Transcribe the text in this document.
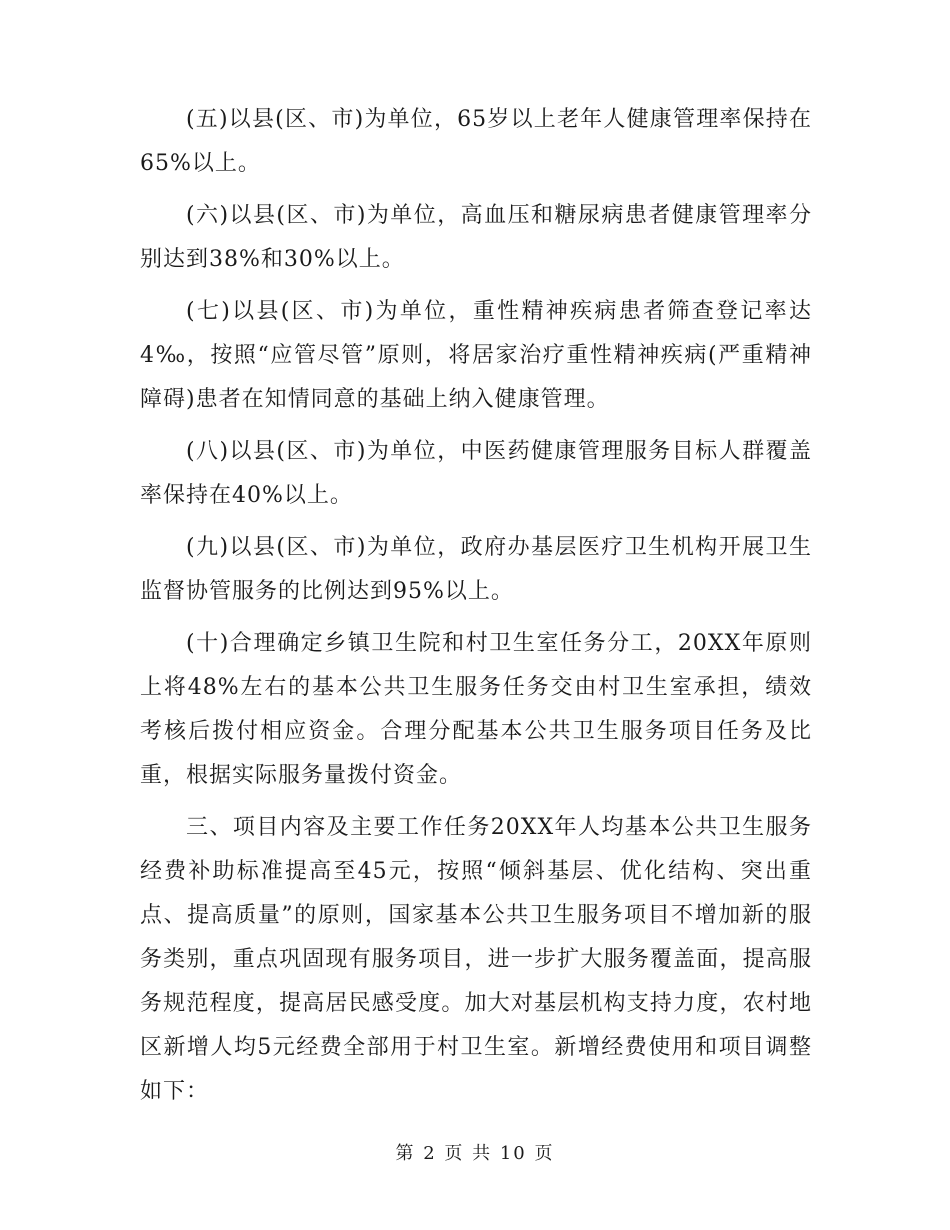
(五)以县(区、市)为单位，65岁以上老年人健康管理率保持在65%以上。

(六)以县(区、市)为单位，高血压和糖尿病患者健康管理率分别达到38%和30%以上。

(七)以县(区、市)为单位，重性精神疾病患者筛查登记率达4‰，按照“应管尽管”原则，将居家治疗重性精神疾病(严重精神障碍)患者在知情同意的基础上纳入健康管理。

(八)以县(区、市)为单位，中医药健康管理服务目标人群覆盖率保持在40%以上。

(九)以县(区、市)为单位，政府办基层医疗卫生机构开展卫生监督协管服务的比例达到95%以上。

(十)合理确定乡镇卫生院和村卫生室任务分工，20XX年原则上将48%左右的基本公共卫生服务任务交由村卫生室承担，绩效考核后拨付相应资金。合理分配基本公共卫生服务项目任务及比重，根据实际服务量拨付资金。

三、项目内容及主要工作任务20XX年人均基本公共卫生服务经费补助标准提高至45元，按照“倾斜基层、优化结构、突出重点、提高质量”的原则，国家基本公共卫生服务项目不增加新的服务类别，重点巩固现有服务项目，进一步扩大服务覆盖面，提高服务规范程度，提高居民感受度。加大对基层机构支持力度，农村地区新增人均5元经费全部用于村卫生室。新增经费使用和项目调整如下：

第 2 页 共 10 页
